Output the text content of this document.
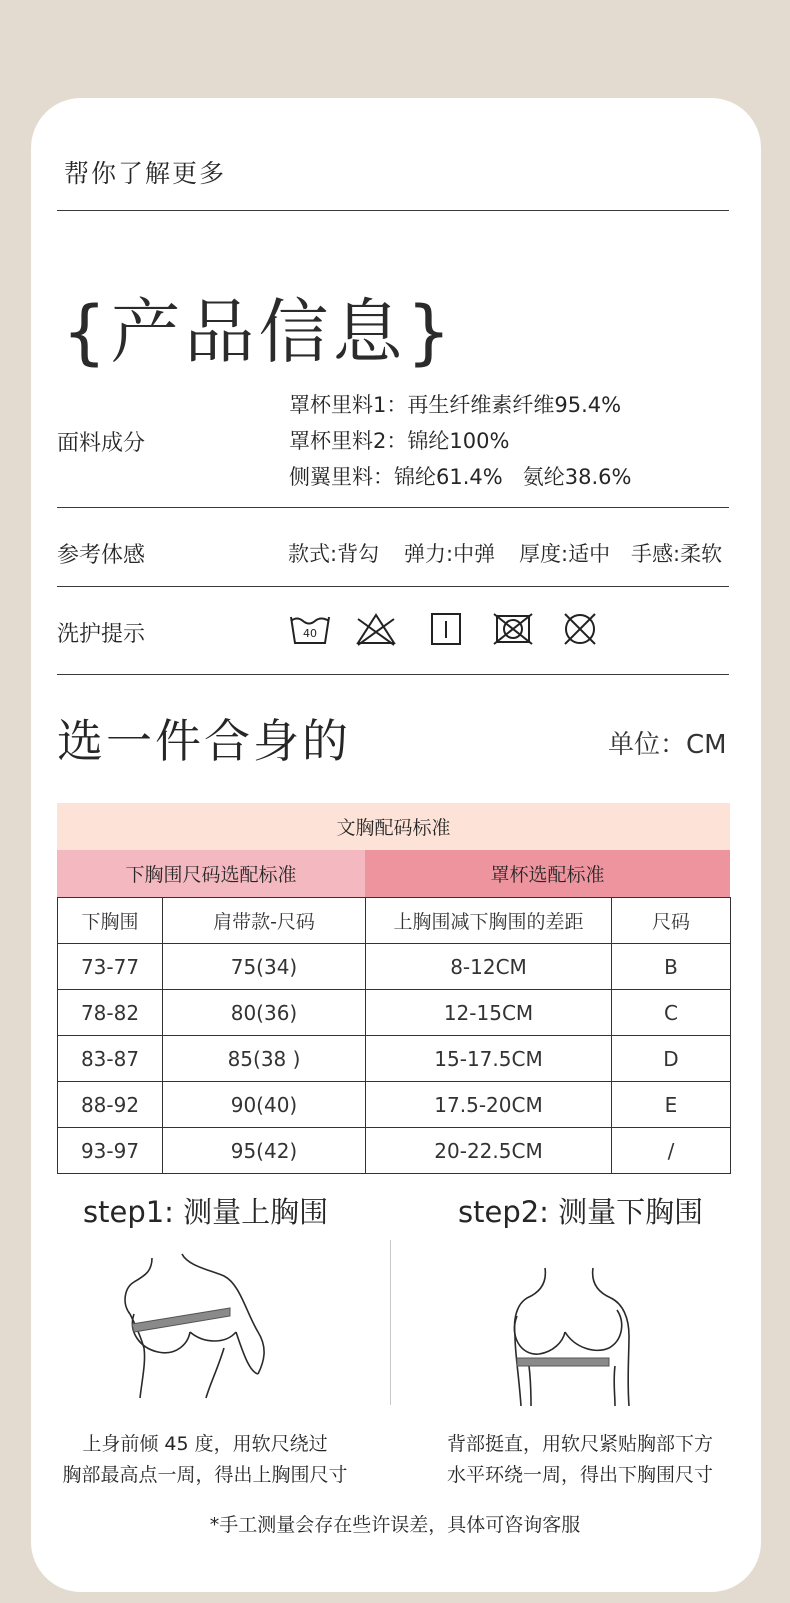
帮你了解更多
{产品信息}
面料成分
罩杯里料1：再生纤维素纤维95.4%
罩杯里料2：锦纶100%
侧翼里料：锦纶61.4%   氨纶38.6%
参考体感	款式:背勾 弹力:中弹 厚度:适中 手感:柔软
洗护提示	40
选一件合身的	单位：CM
文胸配码标准
下胸围尺码选配标准	罩杯选配标准
下胸围	肩带款-尺码	上胸围减下胸围的差距	尺码
73-77	75(34)	8-12CM	B
78-82	80(36)	12-15CM	C
83-87	85(38 )	15-17.5CM	D
88-92	90(40)	17.5-20CM	E
93-97	95(42)	20-22.5CM	/
step1: 测量上胸围	step2: 测量下胸围
上身前倾 45 度，用软尺绕过
胸部最高点一周，得出上胸围尺寸
背部挺直，用软尺紧贴胸部下方
水平环绕一周，得出下胸围尺寸
*手工测量会存在些许误差，具体可咨询客服
